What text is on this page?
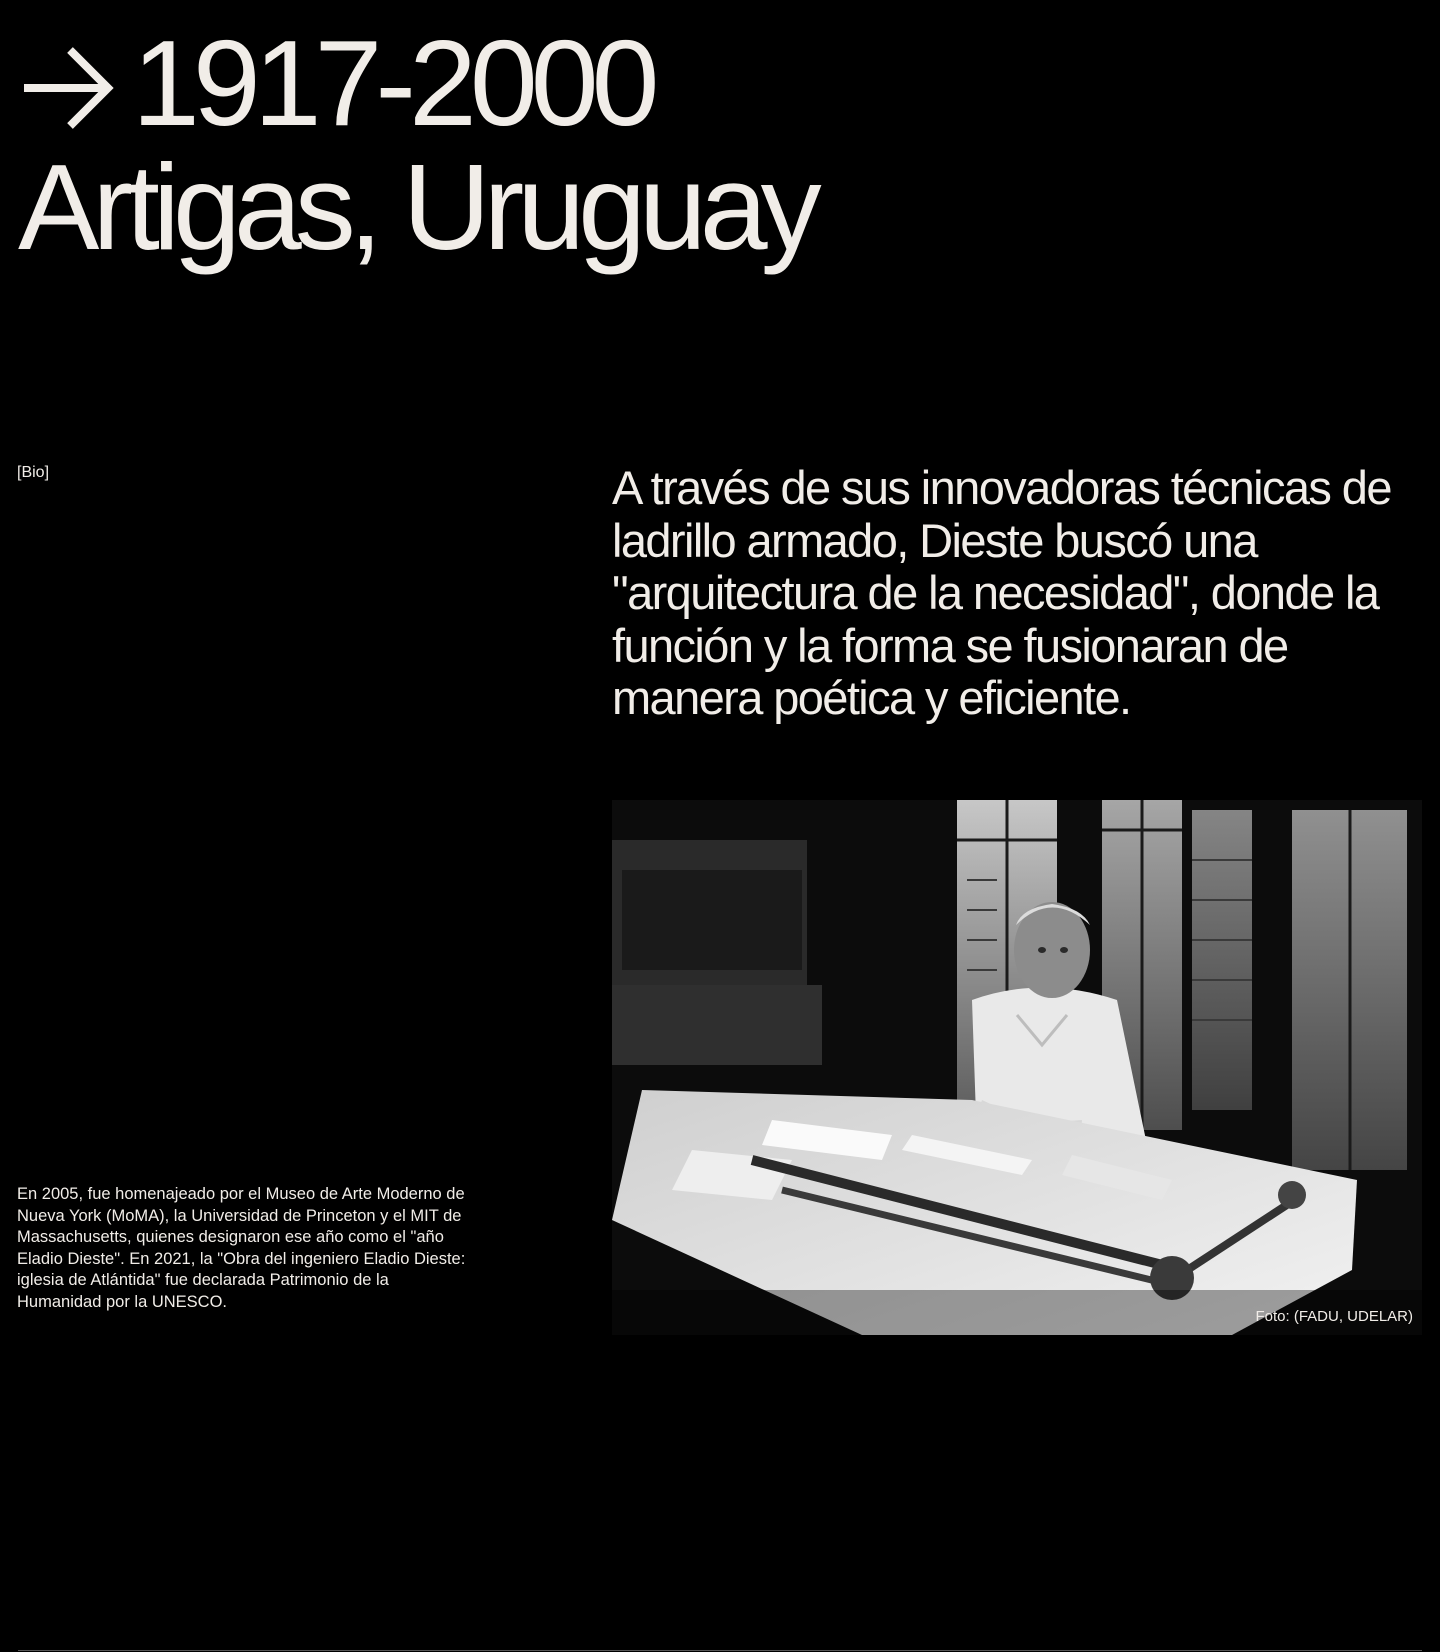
1917-2000
Artigas, Uruguay
[Bio]	A través de sus innovadoras técnicas de ladrillo armado, Dieste buscó una "arquitectura de la necesidad", donde la función y la forma se fusionaran de manera poética y eficiente.

Foto: (FADU, UDELAR)

En 2005, fue homenajeado por el Museo de Arte Moderno de Nueva York (MoMA), la Universidad de Princeton y el MIT de Massachusetts, quienes designaron ese año como el "año Eladio Dieste". En 2021, la "Obra del ingeniero Eladio Dieste: iglesia de Atlántida" fue declarada Patrimonio de la Humanidad por la UNESCO.
